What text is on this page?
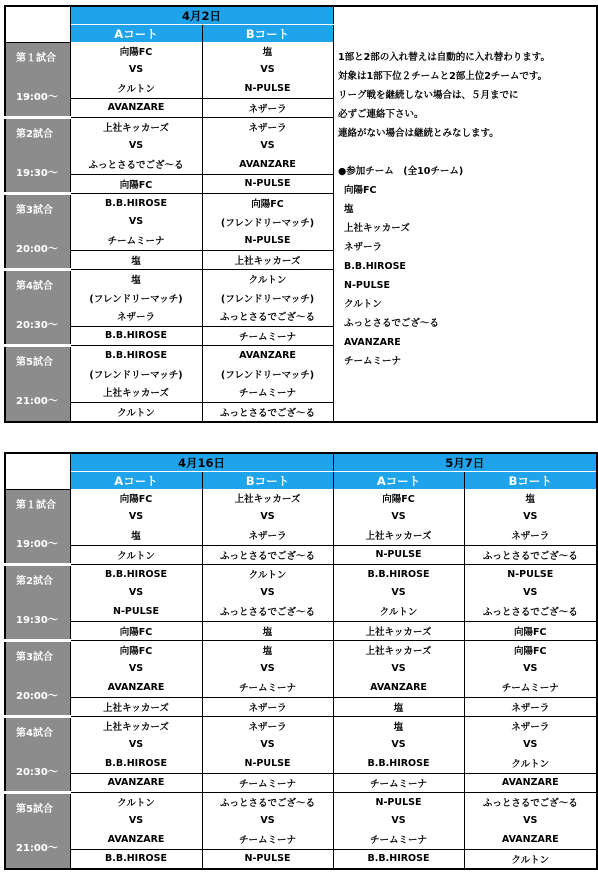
	4月2日		
	Aコート	Bコート	

第１試合
19:00～	向陽FC	塩	
	VS	VS	
	クルトン	N-PULSE	
	AVANZARE	ネザーラ	

第2試合
19:30～	上社キッカーズ	ネザーラ	
	VS	VS	
	ふっとさるでござ～る	AVANZARE	
	向陽FC	N-PULSE	

第3試合
20:00～	B.B.HIROSE	向陽FC	
	VS	(フレンドリーマッチ)	
	チームミーナ	N-PULSE	
	塩	上社キッカーズ	

第4試合
20:30～	塩	クルトン	
	(フレンドリーマッチ)	(フレンドリーマッチ)	
	ネザーラ	ふっとさるでござ～る	
	B.B.HIROSE	チームミーナ	

第5試合
21:00～	B.B.HIROSE	AVANZARE	
	(フレンドリーマッチ)	(フレンドリーマッチ)	
	上社キッカーズ	チームミーナ	
	クルトン	ふっとさるでござ～る	
1部と2部の入れ替えは自動的に入れ替わります。
対象は1部下位２チームと2部上位2チームです。
リーグ戦を継続しない場合は、５月までに
必ずご連絡下さい。
連絡がない場合は継続とみなします。
●参加チーム　(全10チーム)
向陽FC
塩
上社キッカーズ
ネザーラ
B.B.HIROSE
N-PULSE
クルトン
ふっとさるでござ～る
AVANZARE
チームミーナ
	4月16日		5月7日	
	Aコート	Bコート	Aコート	Bコート

第１試合
19:00～	向陽FC	上社キッカーズ	向陽FC	塩
	VS	VS	VS	VS
	塩	ネザーラ	上社キッカーズ	ネザーラ
	クルトン	ふっとさるでござ～る	N-PULSE	ふっとさるでござ～る

第2試合
19:30～	B.B.HIROSE	クルトン	B.B.HIROSE	N-PULSE
	VS	VS	VS	VS
	N-PULSE	ふっとさるでござ～る	クルトン	ふっとさるでござ～る
	向陽FC	塩	上社キッカーズ	向陽FC

第3試合
20:00～	向陽FC	塩	上社キッカーズ	向陽FC
	VS	VS	VS	VS
	AVANZARE	チームミーナ	AVANZARE	チームミーナ
	上社キッカーズ	ネザーラ	塩	ネザーラ

第4試合
20:30～	上社キッカーズ	ネザーラ	塩	ネザーラ
	VS	VS	VS	VS
	B.B.HIROSE	N-PULSE	B.B.HIROSE	クルトン
	AVANZARE	チームミーナ	チームミーナ	AVANZARE

第5試合
21:00～	クルトン	ふっとさるでござ～る	N-PULSE	ふっとさるでござ～る
	VS	VS	VS	VS
	AVANZARE	チームミーナ	チームミーナ	AVANZARE
	B.B.HIROSE	N-PULSE	B.B.HIROSE	クルトン
